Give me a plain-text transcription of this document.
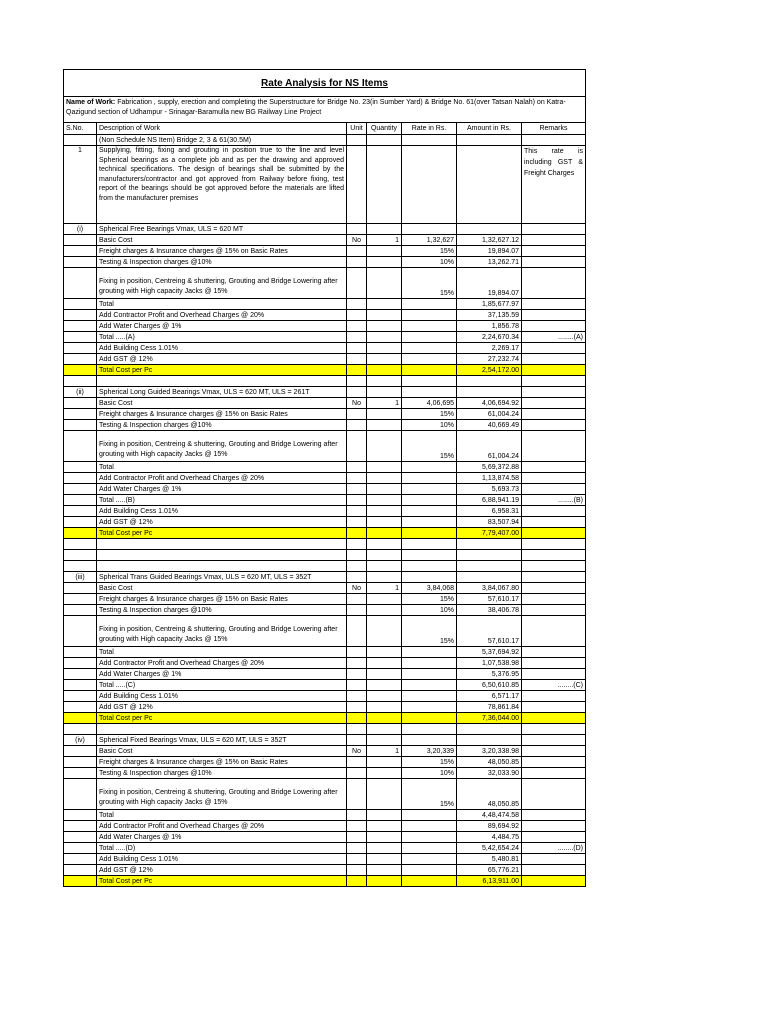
Rate Analysis for NS Items						
Name of Work: Fabrication , supply, erection and completing the Superstructure for Bridge No. 23(in Sumber Yard) & Bridge No. 61(over Tatsan Nalah) on Katra-Qazigund section of Udhampur - Srinagar-Baramulla new BG Railway Line Project						
S.No.	Description of Work	Unit	Quantity	Rate in Rs.	Amount in Rs.	Remarks
	(Non Schedule NS Item) Bridge 2, 3 & 61(30.5M)					
1	Supplying, fitting, fixing and grouting in position true to the line and level Spherical bearings as a complete job and as per the drawing and approved technical specifications. The design of bearings shall be submitted by the manufacturers/contractor and got approved from Railway before fixing, test report of the bearings should be got approved before the materials are lifted from the manufacturer premises					This rate is including GST & Freight Charges
(i)	Spherical Free Bearings Vmax, ULS = 620 MT					
	Basic Cost	No	1	1,32,627	1,32,627.12	
	Freight charges & Insurance charges @ 15% on Basic Rates			15%	19,894.07	
	Testing & Inspection charges @10%			10%	13,262.71	
	Fixing in position, Centreing & shuttering, Grouting and Bridge Lowering after grouting with High capacity Jacks @ 15%			15%	19,894.07	
	Total				1,85,677.97	
	Add Contractor Profit and Overhead Charges @ 20%				37,135.59	
	Add Water Charges @ 1%				1,856.78	
	Total .....(A)				2,24,670.34	........(A)
	Add Building Cess 1.01%				2,269.17	
	Add GST @ 12%				27,232.74	
	Total Cost per Pc				2,54,172.00	

(ii)	Spherical Long Guided Bearings Vmax, ULS = 620 MT, ULS = 261T					
	Basic Cost	No	1	4,06,695	4,06,694.92	
	Freight charges & Insurance charges @ 15% on Basic Rates			15%	61,004.24	
	Testing & Inspection charges @10%			10%	40,669.49	
	Fixing in position, Centreing & shuttering, Grouting and Bridge Lowering after grouting with High capacity Jacks @ 15%			15%	61,004.24	
	Total				5,69,372.88	
	Add Contractor Profit and Overhead Charges @ 20%				1,13,874.58	
	Add Water Charges @ 1%				5,693.73	
	Total .....(B)				6,88,941.19	........(B)
	Add Building Cess 1.01%				6,958.31	
	Add GST @ 12%				83,507.94	
	Total Cost per Pc				7,79,407.00	

(iii)	Spherical Trans Guided Bearings Vmax, ULS = 620 MT, ULS = 352T					
	Basic Cost	No	1	3,84,068	3,84,067.80	
	Freight charges & Insurance charges @ 15% on Basic Rates			15%	57,610.17	
	Testing & Inspection charges @10%			10%	38,406.78	
	Fixing in position, Centreing & shuttering, Grouting and Bridge Lowering after grouting with High capacity Jacks @ 15%			15%	57,610.17	
	Total				5,37,694.92	
	Add Contractor Profit and Overhead Charges @ 20%				1,07,538.98	
	Add Water Charges @ 1%				5,376.95	
	Total .....(C)				6,50,610.85	........(C)
	Add Building Cess 1.01%				6,571.17	
	Add GST @ 12%				78,861.84	
	Total Cost per Pc				7,36,044.00	

(iv)	Spherical Fixed Bearings Vmax, ULS = 620 MT, ULS = 352T					
	Basic Cost	No	1	3,20,339	3,20,338.98	
	Freight charges & Insurance charges @ 15% on Basic Rates			15%	48,050.85	
	Testing & Inspection charges @10%			10%	32,033.90	
	Fixing in position, Centreing & shuttering, Grouting and Bridge Lowering after grouting with High capacity Jacks @ 15%			15%	48,050.85	
	Total				4,48,474.58	
	Add Contractor Profit and Overhead Charges @ 20%				89,694.92	
	Add Water Charges @ 1%				4,484.75	
	Total .....(D)				5,42,654.24	........(D)
	Add Building Cess 1.01%				5,480.81	
	Add GST @ 12%				65,776.21	
	Total Cost per Pc				6,13,911.00	
